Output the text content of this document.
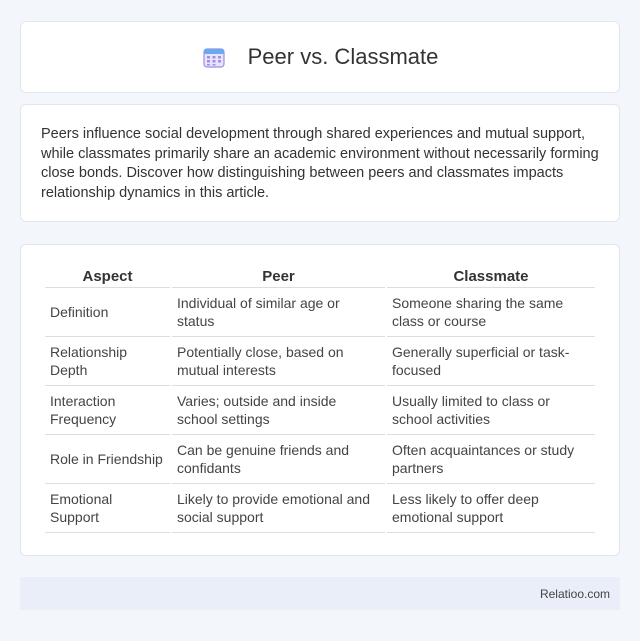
Peer vs. Classmate

Peers influence social development through shared experiences and mutual support, while classmates primarily share an academic environment without necessarily forming close bonds. Discover how distinguishing between peers and classmates impacts relationship dynamics in this article.

Aspect	Peer	Classmate
Definition	Individual of similar age or status	Someone sharing the same class or course
Relationship Depth	Potentially close, based on mutual interests	Generally superficial or task-focused
Interaction Frequency	Varies; outside and inside school settings	Usually limited to class or school activities
Role in Friendship	Can be genuine friends and confidants	Often acquaintances or study partners
Emotional Support	Likely to provide emotional and social support	Less likely to offer deep emotional support
Relatioo.com
